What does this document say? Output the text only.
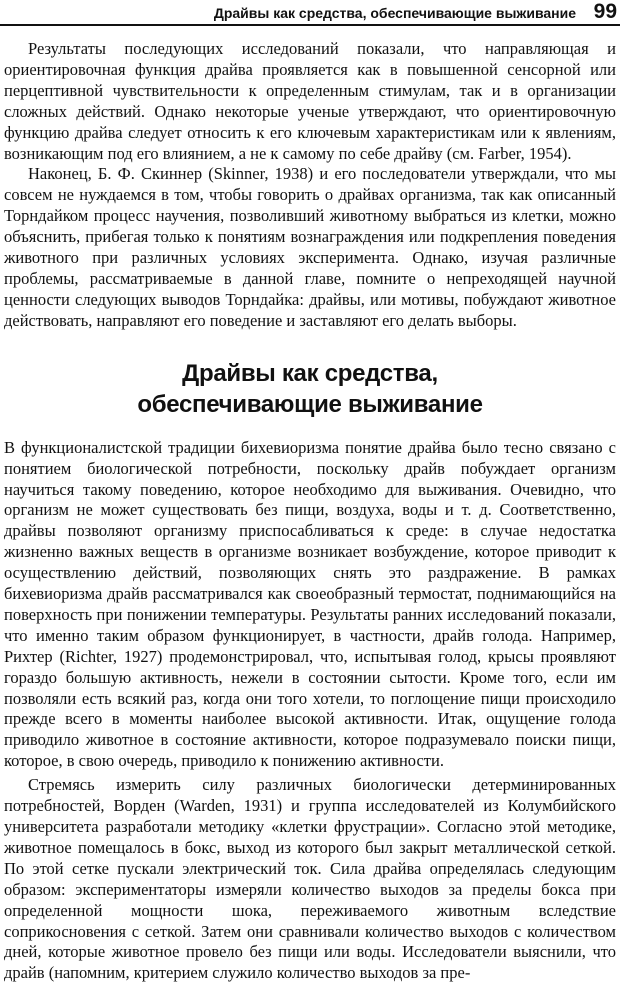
Драйвы как средства, обеспечивающие выживание 99

Результаты последующих исследований показали, что направляющая и ориентировочная функция драйва проявляется как в повышенной сенсорной или перцептивной чувствительности к определенным стимулам, так и в организации сложных действий. Однако некоторые ученые утверждают, что ориентировочную функцию драйва следует относить к его ключевым характеристикам или к явлениям, возникающим под его влиянием, а не к самому по себе драйву (см. Farber, 1954).

Наконец, Б. Ф. Скиннер (Skinner, 1938) и его последователи утверждали, что мы совсем не нуждаемся в том, чтобы говорить о драйвах организма, так как описанный Торндайком процесс научения, позволивший животному выбраться из клетки, можно объяснить, прибегая только к понятиям вознаграждения или подкрепления поведения животного при различных условиях эксперимента. Однако, изучая различные проблемы, рассматриваемые в данной главе, помните о непреходящей научной ценности следующих выводов Торндайка: драйвы, или мотивы, побуждают животное действовать, направляют его поведение и заставляют его делать выборы.

Драйвы как средства,
обеспечивающие выживание

В функционалистской традиции бихевиоризма понятие драйва было тесно связано с понятием биологической потребности, поскольку драйв побуждает организм научиться такому поведению, которое необходимо для выживания. Очевидно, что организм не может существовать без пищи, воздуха, воды и т. д. Соответственно, драйвы позволяют организму приспосабливаться к среде: в случае недостатка жизненно важных веществ в организме возникает возбуждение, которое приводит к осуществлению действий, позволяющих снять это раздражение. В рамках бихевиоризма драйв рассматривался как своеобразный термостат, поднимающийся на поверхность при понижении температуры. Результаты ранних исследований показали, что именно таким образом функционирует, в частности, драйв голода. Например, Рихтер (Richter, 1927) продемонстрировал, что, испытывая голод, крысы проявляют гораздо большую активность, нежели в состоянии сытости. Кроме того, если им позволяли есть всякий раз, когда они того хотели, то поглощение пищи происходило прежде всего в моменты наиболее высокой активности. Итак, ощущение голода приводило животное в состояние активности, которое подразумевало поиски пищи, которое, в свою очередь, приводило к понижению активности.

Стремясь измерить силу различных биологически детерминированных потребностей, Ворден (Warden, 1931) и группа исследователей из Колумбийского университета разработали методику «клетки фрустрации». Согласно этой методике, животное помещалось в бокс, выход из которого был закрыт металлической сеткой. По этой сетке пускали электрический ток. Сила драйва определялась следующим образом: экспериментаторы измеряли количество выходов за пределы бокса при определенной мощности шока, переживаемого животным вследствие соприкосновения с сеткой. Затем они сравнивали количество выходов с количеством дней, которые животное провело без пищи или воды. Исследователи выяснили, что драйв (напомним, критерием служило количество выходов за пре-
